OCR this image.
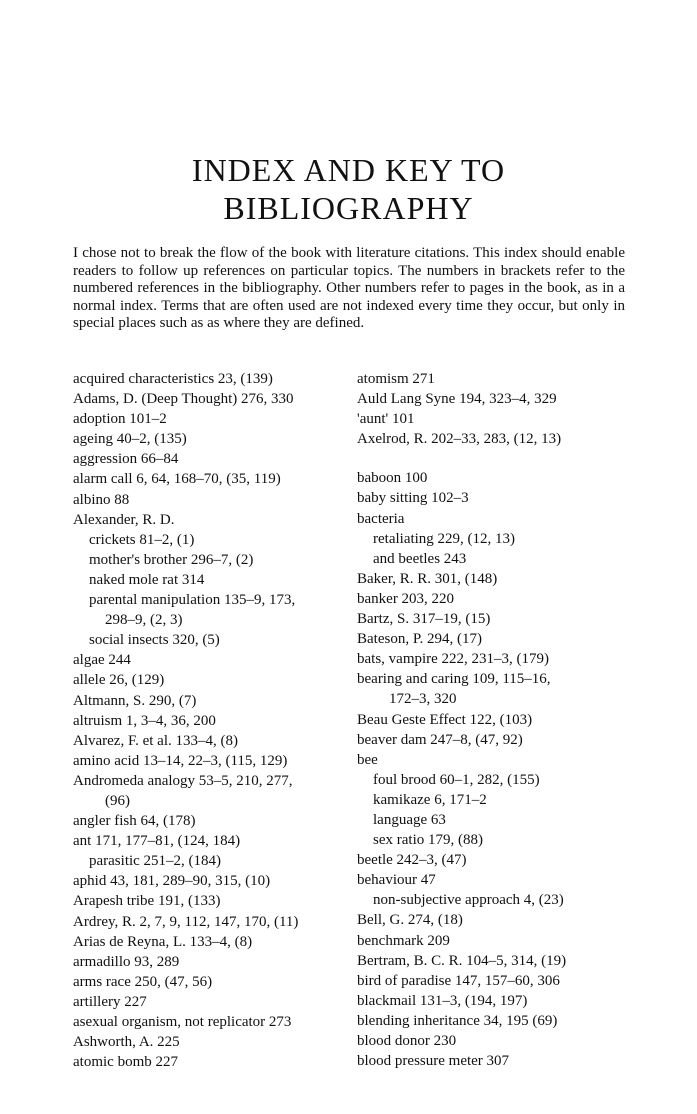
INDEX AND KEY TO
BIBLIOGRAPHY

I chose not to break the flow of the book with literature citations. This index should enable readers to follow up references on particular topics. The numbers in brackets refer to the numbered references in the bibliography. Other numbers refer to pages in the book, as in a normal index. Terms that are often used are not indexed every time they occur, but only in special places such as as where they are defined.

acquired characteristics 23, (139)
Adams, D. (Deep Thought) 276, 330
adoption 101–2
ageing 40–2, (135)
aggression 66–84
alarm call 6, 64, 168–70, (35, 119)
albino 88
Alexander, R. D.
crickets 81–2, (1)
mother's brother 296–7, (2)
naked mole rat 314
parental manipulation 135–9, 173,
298–9, (2, 3)
social insects 320, (5)
algae 244
allele 26, (129)
Altmann, S. 290, (7)
altruism 1, 3–4, 36, 200
Alvarez, F. et al. 133–4, (8)
amino acid 13–14, 22–3, (115, 129)
Andromeda analogy 53–5, 210, 277,
(96)
angler fish 64, (178)
ant 171, 177–81, (124, 184)
parasitic 251–2, (184)
aphid 43, 181, 289–90, 315, (10)
Arapesh tribe 191, (133)
Ardrey, R. 2, 7, 9, 112, 147, 170, (11)
Arias de Reyna, L. 133–4, (8)
armadillo 93, 289
arms race 250, (47, 56)
artillery 227
asexual organism, not replicator 273
Ashworth, A. 225
atomic bomb 227
atomism 271
Auld Lang Syne 194, 323–4, 329
'aunt' 101
Axelrod, R. 202–33, 283, (12, 13)
baboon 100
baby sitting 102–3
bacteria
retaliating 229, (12, 13)
and beetles 243
Baker, R. R. 301, (148)
banker 203, 220
Bartz, S. 317–19, (15)
Bateson, P. 294, (17)
bats, vampire 222, 231–3, (179)
bearing and caring 109, 115–16,
172–3, 320
Beau Geste Effect 122, (103)
beaver dam 247–8, (47, 92)
bee
foul brood 60–1, 282, (155)
kamikaze 6, 171–2
language 63
sex ratio 179, (88)
beetle 242–3, (47)
behaviour 47
non-subjective approach 4, (23)
Bell, G. 274, (18)
benchmark 209
Bertram, B. C. R. 104–5, 314, (19)
bird of paradise 147, 157–60, 306
blackmail 131–3, (194, 197)
blending inheritance 34, 195 (69)
blood donor 230
blood pressure meter 307
